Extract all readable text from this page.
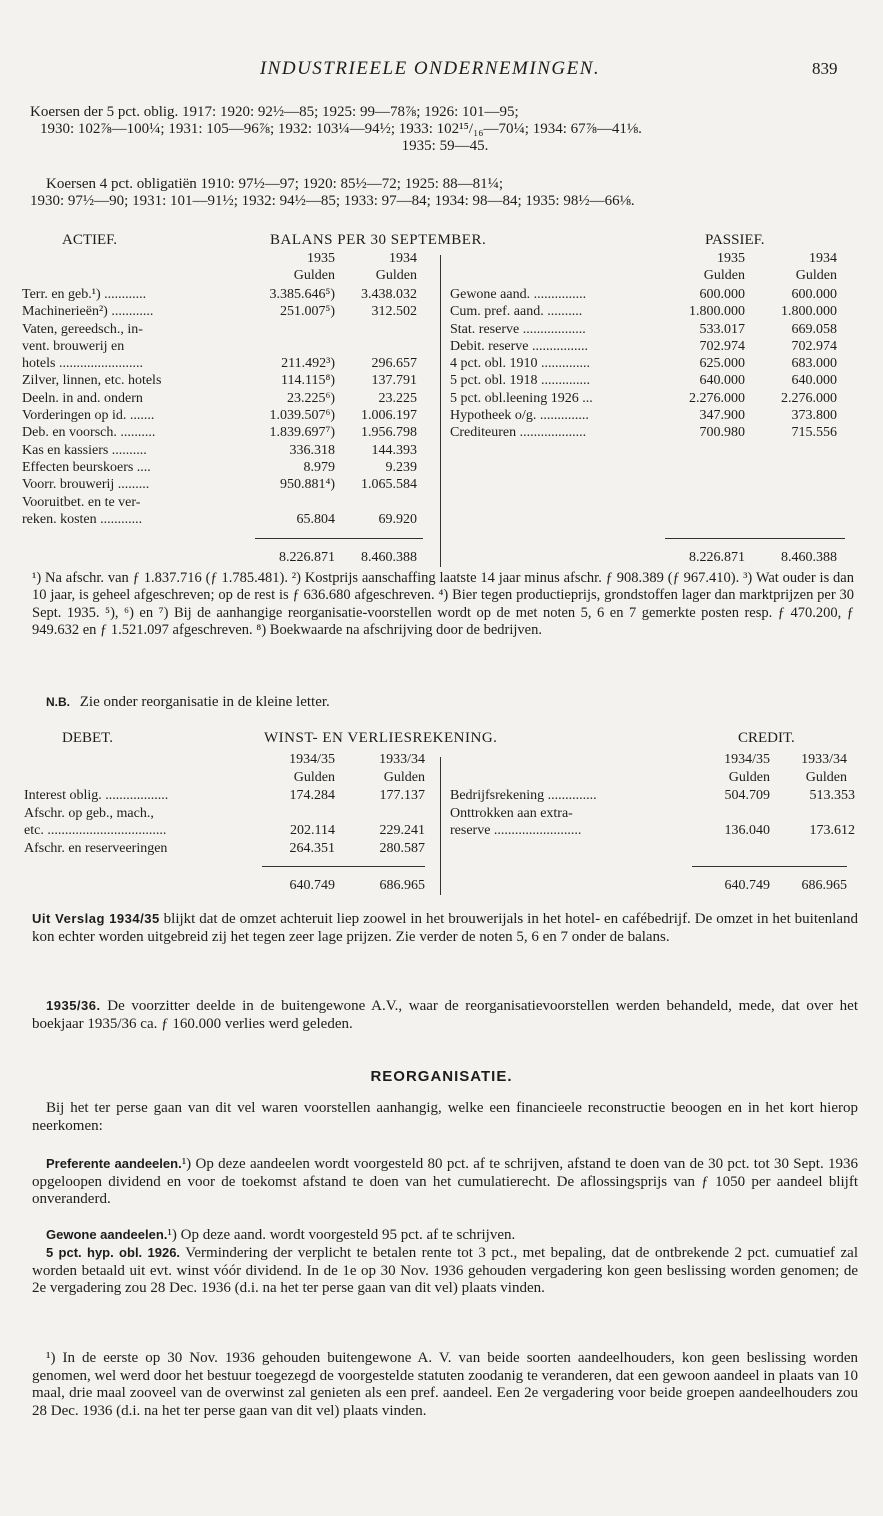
INDUSTRIEELE ONDERNEMINGEN.	839
Koersen der 5 pct. oblig. 1917: 1920: 92½—85; 1925: 99—78⅞; 1926: 101—95;
1930: 102⅞—100¼; 1931: 105—96⅞; 1932: 103¼—94½; 1933: 102¹⁵/₁₆—70¼; 1934: 67⅞—41⅛.
1935: 59—45.
Koersen 4 pct. obligatiën 1910: 97½—97; 1920: 85½—72; 1925: 88—81¼;
1930: 97½—90; 1931: 101—91½; 1932: 94½—85; 1933: 97—84; 1934: 98—84; 1935: 98½—66⅛.
ACTIEF.	BALANS PER 30 SEPTEMBER.	PASSIEF.
1935	1934
Gulden	Gulden
1935	1934
Gulden	Gulden
Terr. en geb.¹) ............	3.385.646⁵)	3.438.032
Machinerieën²) ............	251.007⁵)	312.502
Vaten, gereedsch., in-		
vent. brouwerij en		
hotels ........................	211.492³)	296.657
Zilver, linnen, etc. hotels	114.115⁸)	137.791
Deeln. in and. ondern	23.225⁶)	23.225
Vorderingen op id. .......	1.039.507⁶)	1.006.197
Deb. en voorsch. ..........	1.839.697⁷)	1.956.798
Kas en kassiers ..........	336.318	144.393
Effecten beurskoers ....	8.979	9.239
Voorr. brouwerij .........	950.881⁴)	1.065.584
Vooruitbet. en te ver-		
reken. kosten ............	65.804	69.920
Gewone aand. ...............	600.000	600.000
Cum. pref. aand. ..........	1.800.000	1.800.000
Stat. reserve ..................	533.017	669.058
Debit. reserve ................	702.974	702.974
4 pct. obl. 1910 ..............	625.000	683.000
5 pct. obl. 1918 ..............	640.000	640.000
5 pct. obl.leening 1926 ...	2.276.000	2.276.000
Hypotheek o/g. ..............	347.900	373.800
Crediteuren ...................	700.980	715.556
8.226.871	8.460.388	8.226.871	8.460.388
¹) Na afschr. van ƒ 1.837.716 (ƒ 1.785.481). ²) Kostprijs aanschaffing laatste 14 jaar minus afschr. ƒ 908.389 (ƒ 967.410). ³) Wat ouder is dan 10 jaar, is geheel afgeschreven; op de rest is ƒ 636.680 afgeschreven. ⁴) Bier tegen productieprijs, grondstoffen lager dan marktprijzen per 30 Sept. 1935. ⁵), ⁶) en ⁷) Bij de aanhangige reorganisatie-voorstellen wordt op de met noten 5, 6 en 7 gemerkte posten resp. ƒ 470.200, ƒ 949.632 en ƒ 1.521.097 afgeschreven. ⁸) Boekwaarde na afschrijving door de bedrijven.
N.B. Zie onder reorganisatie in de kleine letter.
DEBET.	WINST- EN VERLIESREKENING.	CREDIT.
1934/35	1933/34
Gulden	Gulden
1934/35	1933/34
Gulden	Gulden
Interest oblig. ..................	174.284	177.137
Afschr. op geb., mach.,		
etc. ..................................	202.114	229.241
Afschr. en reserveeringen	264.351	280.587
Bedrijfsrekening ..............	504.709	513.353
Onttrokken aan extra-		
reserve .........................	136.040	173.612
640.749	686.965	640.749	686.965
Uit Verslag 1934/35 blijkt dat de omzet achteruit liep zoowel in het brouwerijals in het hotel- en cafébedrijf. De omzet in het buitenland kon echter worden uitgebreid zij het tegen zeer lage prijzen. Zie verder de noten 5, 6 en 7 onder de balans.
1935/36. De voorzitter deelde in de buitengewone A.V., waar de reorganisatievoorstellen werden behandeld, mede, dat over het boekjaar 1935/36 ca. ƒ 160.000 verlies werd geleden.
REORGANISATIE.
Bij het ter perse gaan van dit vel waren voorstellen aanhangig, welke een financieele reconstructie beoogen en in het kort hierop neerkomen:
Preferente aandeelen.¹) Op deze aandeelen wordt voorgesteld 80 pct. af te schrijven, afstand te doen van de 30 pct. tot 30 Sept. 1936 opgeloopen dividend en voor de toekomst afstand te doen van het cumulatierecht. De aflossingsprijs van ƒ 1050 per aandeel blijft onveranderd.
Gewone aandeelen.¹) Op deze aand. wordt voorgesteld 95 pct. af te schrijven.
5 pct. hyp. obl. 1926. Vermindering der verplicht te betalen rente tot 3 pct., met bepaling, dat de ontbrekende 2 pct. cumuatief zal worden betaald uit evt. winst vóór dividend. In de 1e op 30 Nov. 1936 gehouden vergadering kon geen beslissing worden genomen; de 2e vergadering zou 28 Dec. 1936 (d.i. na het ter perse gaan van dit vel) plaats vinden.
¹) In de eerste op 30 Nov. 1936 gehouden buitengewone A. V. van beide soorten aandeelhouders, kon geen beslissing worden genomen, wel werd door het bestuur toegezegd de voorgestelde statuten zoodanig te veranderen, dat een gewoon aandeel in plaats van 10 maal, drie maal zooveel van de overwinst zal genieten als een pref. aandeel. Een 2e vergadering voor beide groepen aandeelhouders zou 28 Dec. 1936 (d.i. na het ter perse gaan van dit vel) plaats vinden.
